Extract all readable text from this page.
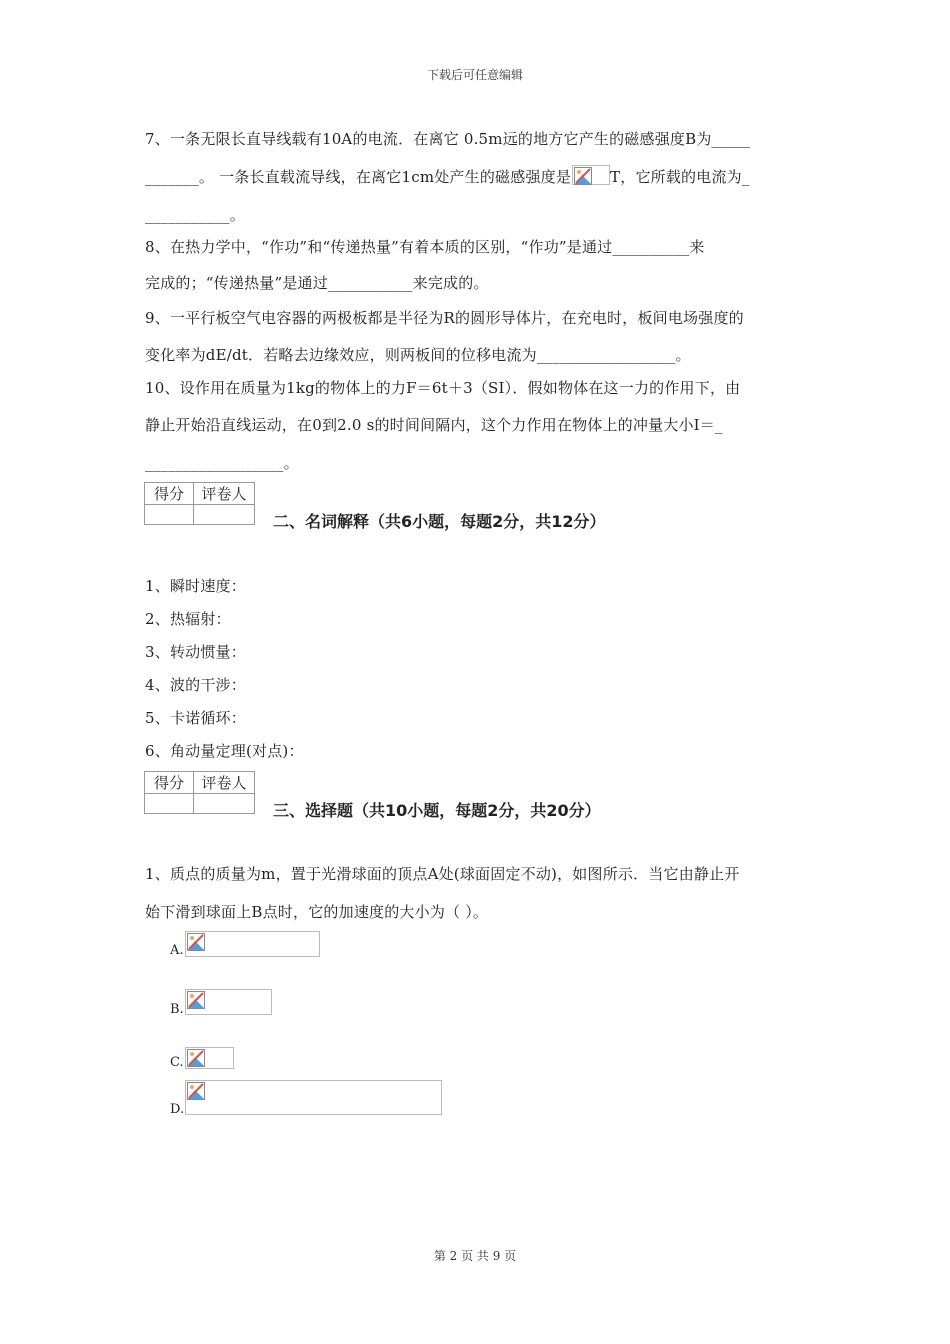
下载后可任意编辑
7、一条无限长直导线载有10A的电流．在离它 0.5m远的地方它产生的磁感强度B为_____
_______。 一条长直载流导线，在离它1cm处产生的磁感强度是	T，它所载的电流为_
___________。
8、在热力学中，“作功”和“传递热量”有着本质的区别，“作功”是通过__________来
完成的；“传递热量”是通过___________来完成的。
9、一平行板空气电容器的两极板都是半径为R的圆形导体片，在充电时，板间电场强度的
变化率为dE/dt．若略去边缘效应，则两板间的位移电流为__________________。
10、设作用在质量为1kg的物体上的力F＝6t＋3（SI）．假如物体在这一力的作用下，由
静止开始沿直线运动，在0到2.0 s的时间间隔内，这个力作用在物体上的冲量大小I＝_
__________________。
得分	评卷人

二、名词解释（共6小题，每题2分，共12分）
1、瞬时速度：
2、热辐射：
3、转动惯量：
4、波的干涉：
5、卡诺循环：
6、角动量定理(对点)：
得分	评卷人

三、选择题（共10小题，每题2分，共20分）
1、质点的质量为m，置于光滑球面的顶点A处(球面固定不动)，如图所示．当它由静止开
始下滑到球面上B点时，它的加速度的大小为（ ）。
A.
B.
C.
D.
第 2 页 共 9 页
